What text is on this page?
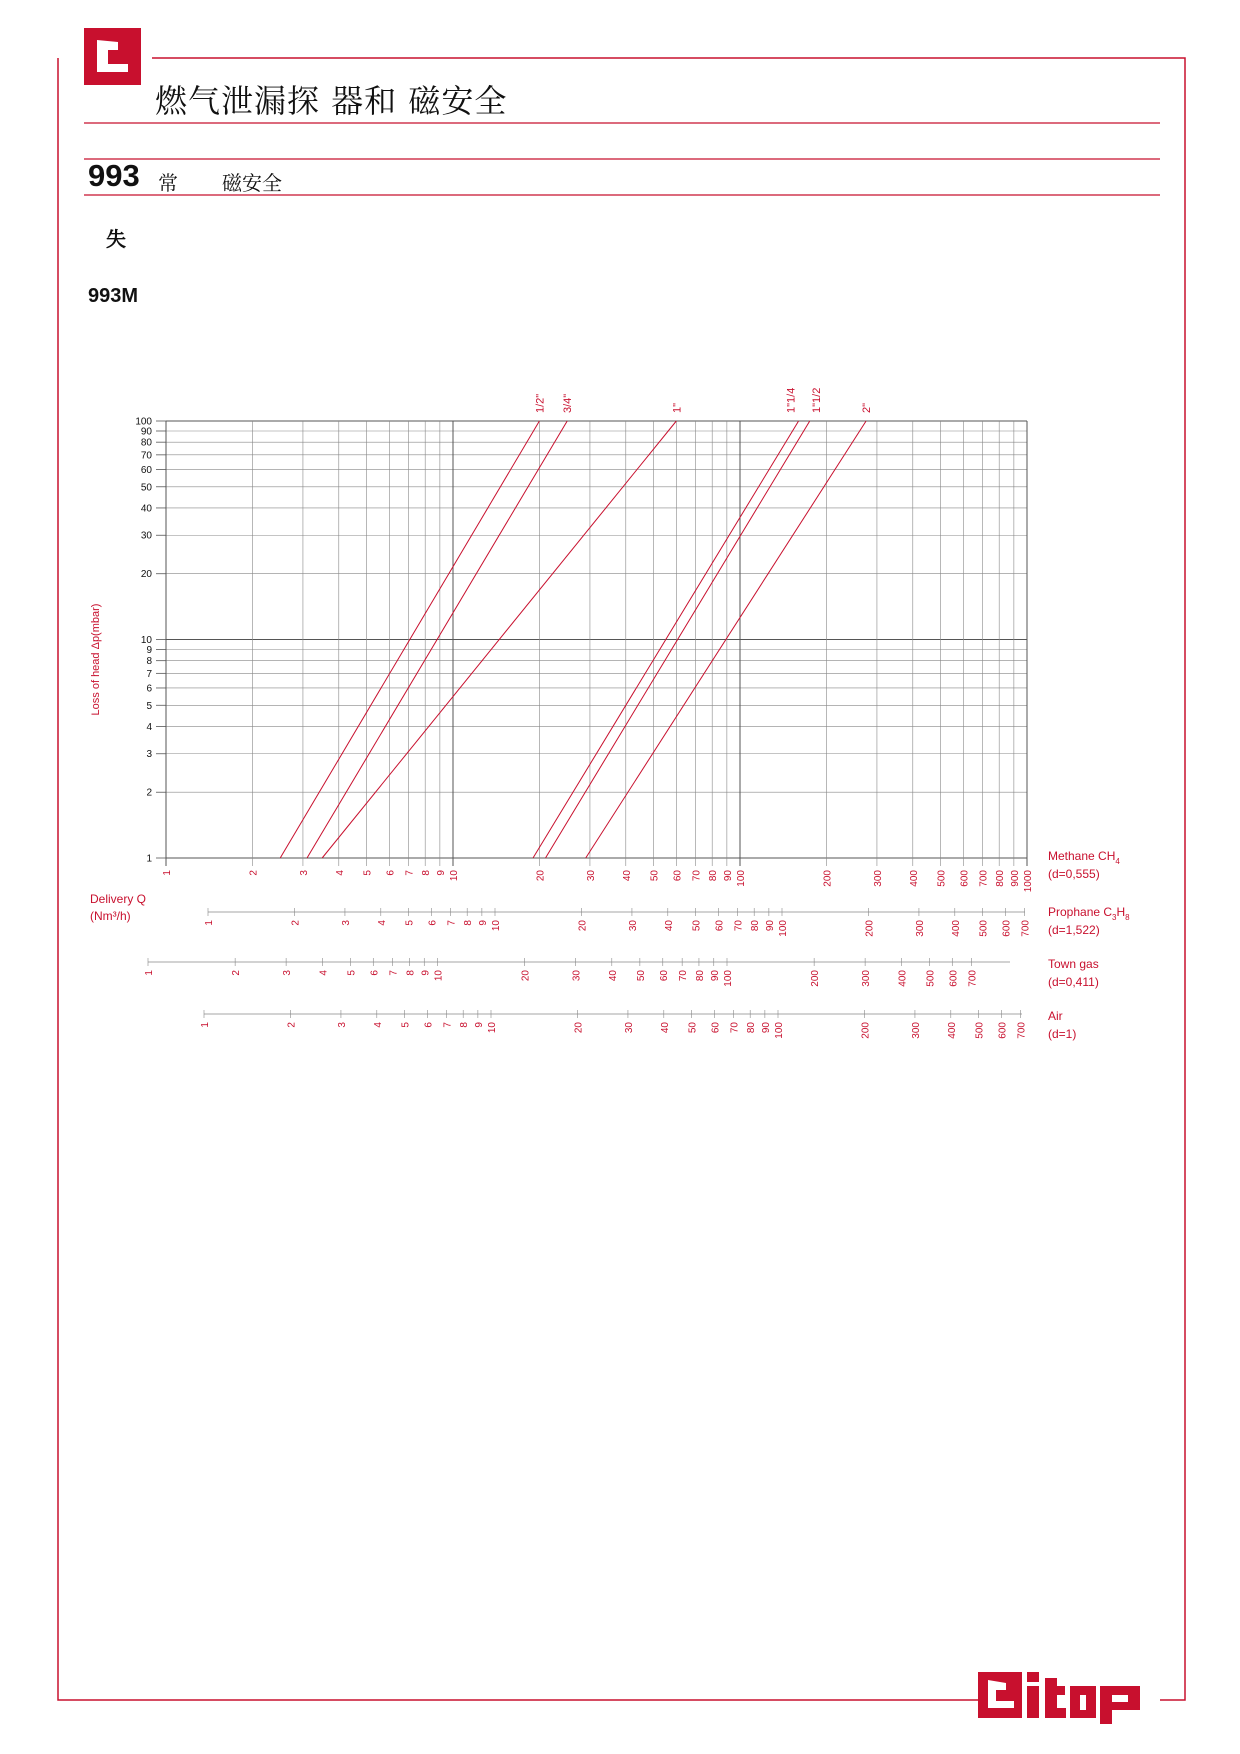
燃气泄漏探 器和 磁安全
993 常 磁安全
失
993M
1
2
3
4
5
6
7
8
9
10
20
30
40
50
60
70
80
90
100
1	2	3 4 5 6 7 8 9 10	20	30 40 50 60 70 80 90 100	200	300 400 500 600 700 800 900 1000
1	2	3 4 5 6 7 8 9 10	20	30 40 50 60 70 80 90 100	200	300 400 500 600 700
1	2	3	4 5 6 7 8 9 10	20	30	40 50 60 70 80 90 100	200	300	400 500 600 700
1	2	3 4 5 6 7 8 9 10	20	30 40 50 60 70 80 90 100	200	300 400 500 600 700
1/2" 3/4"	1"	1"1/4 1"1/2	2"
Loss of head Δp(mbar)
Delivery Q
(Nm³/h)
Methane $CH_4$
(d=0,555)
Prophane $C_3H_8$
(d=1,522)
Town gas
(d=0,411)
Air
(d=1)
